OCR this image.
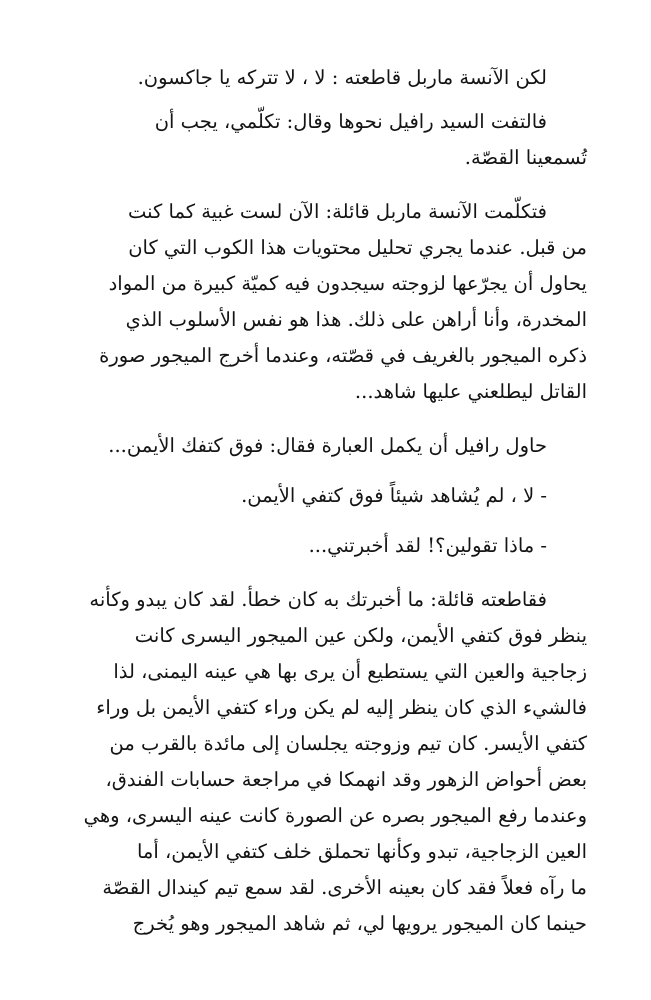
لكن الآنسة ماربل قاطعته : لا ، لا تتركه يا جاكسون.

فالتفت السيد رافيل نحوها وقال: تكلّمي، يجب أن
تُسمعينا القصّة.

فتكلّمت الآنسة ماربل قائلة: الآن لست غبية كما كنت
من قبل. عندما يجري تحليل محتويات هذا الكوب التي كان
يحاول أن يجرّعها لزوجته سيجدون فيه كميّة كبيرة من المواد
المخدرة، وأنا أراهن على ذلك. هذا هو نفس الأسلوب الذي
ذكره الميجور بالغريف في قصّته، وعندما أخرج الميجور صورة
القاتل ليطلعني عليها شاهد...

حاول رافيل أن يكمل العبارة فقال: فوق كتفك الأيمن...

- لا ، لم يُشاهد شيئاً فوق كتفي الأيمن.

- ماذا تقولين؟! لقد أخبرتني...

فقاطعته قائلة: ما أخبرتك به كان خطأ. لقد كان يبدو وكأنه
ينظر فوق كتفي الأيمن، ولكن عين الميجور اليسرى كانت
زجاجية والعين التي يستطيع أن يرى بها هي عينه اليمنى، لذا
فالشيء الذي كان ينظر إليه لم يكن وراء كتفي الأيمن بل وراء
كتفي الأيسر. كان تيم وزوجته يجلسان إلى مائدة بالقرب من
بعض أحواض الزهور وقد انهمكا في مراجعة حسابات الفندق،
وعندما رفع الميجور بصره عن الصورة كانت عينه اليسرى، وهي
العين الزجاجية، تبدو وكأنها تحملق خلف كتفي الأيمن، أما
ما رآه فعلاً فقد كان بعينه الأخرى. لقد سمع تيم كيندال القصّة
حينما كان الميجور يرويها لي، ثم شاهد الميجور وهو يُخرج
